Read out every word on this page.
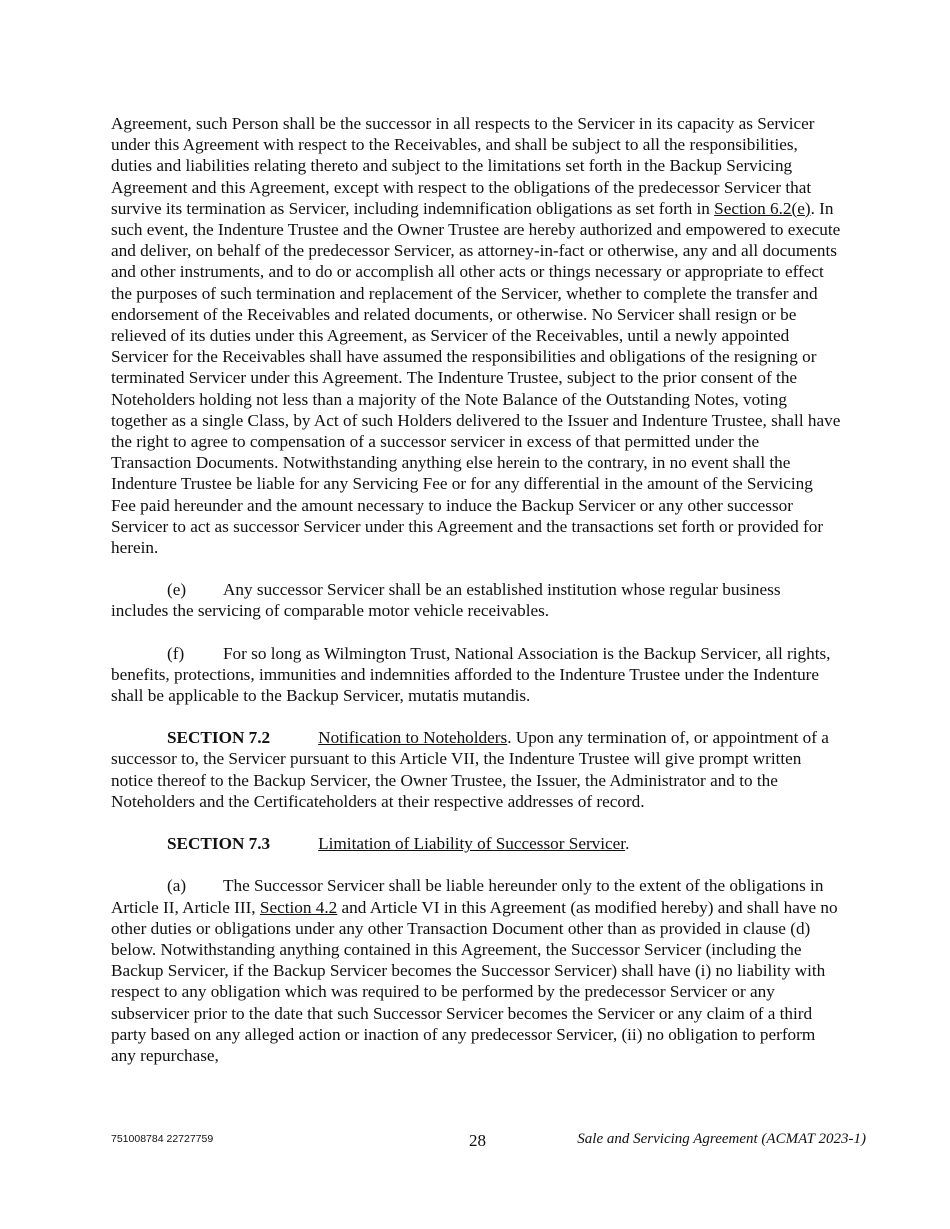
Agreement, such Person shall be the successor in all respects to the Servicer in its capacity as Servicer under this Agreement with respect to the Receivables, and shall be subject to all the responsibilities, duties and liabilities relating thereto and subject to the limitations set forth in the Backup Servicing Agreement and this Agreement, except with respect to the obligations of the predecessor Servicer that survive its termination as Servicer, including indemnification obligations as set forth in Section 6.2(e). In such event, the Indenture Trustee and the Owner Trustee are hereby authorized and empowered to execute and deliver, on behalf of the predecessor Servicer, as attorney-in-fact or otherwise, any and all documents and other instruments, and to do or accomplish all other acts or things necessary or appropriate to effect the purposes of such termination and replacement of the Servicer, whether to complete the transfer and endorsement of the Receivables and related documents, or otherwise. No Servicer shall resign or be relieved of its duties under this Agreement, as Servicer of the Receivables, until a newly appointed Servicer for the Receivables shall have assumed the responsibilities and obligations of the resigning or terminated Servicer under this Agreement. The Indenture Trustee, subject to the prior consent of the Noteholders holding not less than a majority of the Note Balance of the Outstanding Notes, voting together as a single Class, by Act of such Holders delivered to the Issuer and Indenture Trustee, shall have the right to agree to compensation of a successor servicer in excess of that permitted under the Transaction Documents. Notwithstanding anything else herein to the contrary, in no event shall the Indenture Trustee be liable for any Servicing Fee or for any differential in the amount of the Servicing Fee paid hereunder and the amount necessary to induce the Backup Servicer or any other successor Servicer to act as successor Servicer under this Agreement and the transactions set forth or provided for herein.

(e) Any successor Servicer shall be an established institution whose regular business includes the servicing of comparable motor vehicle receivables.

(f) For so long as Wilmington Trust, National Association is the Backup Servicer, all rights, benefits, protections, immunities and indemnities afforded to the Indenture Trustee under the Indenture shall be applicable to the Backup Servicer, mutatis mutandis.

SECTION 7.2	Notification to Noteholders. Upon any termination of, or appointment of a successor to, the Servicer pursuant to this Article VII, the Indenture Trustee will give prompt written notice thereof to the Backup Servicer, the Owner Trustee, the Issuer, the Administrator and to the Noteholders and the Certificateholders at their respective addresses of record.

SECTION 7.3	Limitation of Liability of Successor Servicer.

(a) The Successor Servicer shall be liable hereunder only to the extent of the obligations in Article II, Article III, Section 4.2 and Article VI in this Agreement (as modified hereby) and shall have no other duties or obligations under any other Transaction Document other than as provided in clause (d) below. Notwithstanding anything contained in this Agreement, the Successor Servicer (including the Backup Servicer, if the Backup Servicer becomes the Successor Servicer) shall have (i) no liability with respect to any obligation which was required to be performed by the predecessor Servicer or any subservicer prior to the date that such Successor Servicer becomes the Servicer or any claim of a third party based on any alleged action or inaction of any predecessor Servicer, (ii) no obligation to perform any repurchase,

751008784 22727759	28	Sale and Servicing Agreement (ACMAT 2023-1)
